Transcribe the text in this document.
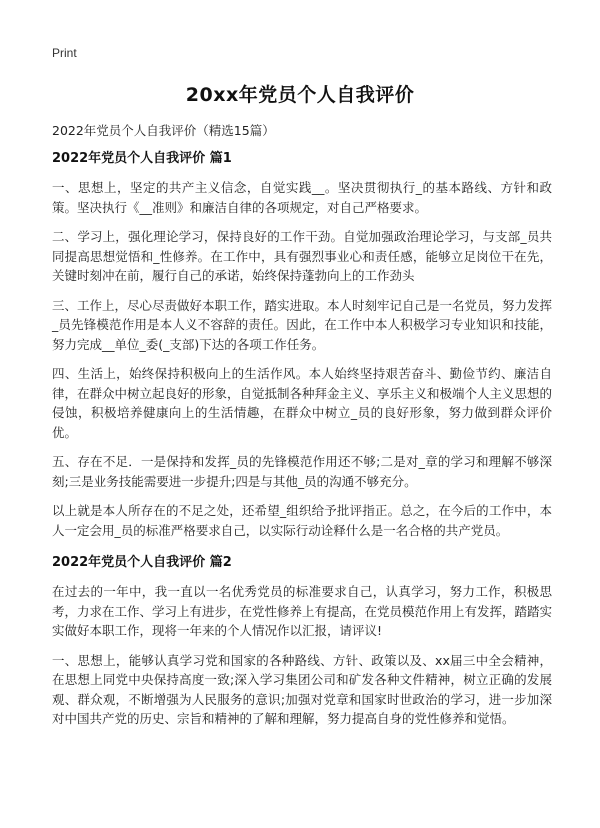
Print
20xx年党员个人自我评价
2022年党员个人自我评价（精选15篇）
2022年党员个人自我评价 篇1

一、思想上，坚定的共产主义信念，自觉实践__。坚决贯彻执行_的基本路线、方针和政策。坚决执行《__准则》和廉洁自律的各项规定，对自己严格要求。

二、学习上，强化理论学习，保持良好的工作干劲。自觉加强政治理论学习，与支部_员共同提高思想觉悟和_性修养。在工作中，具有强烈事业心和责任感，能够立足岗位干在先，关键时刻冲在前，履行自己的承诺，始终保持蓬勃向上的工作劲头

三、工作上，尽心尽责做好本职工作，踏实进取。本人时刻牢记自己是一名党员，努力发挥_员先锋模范作用是本人义不容辞的责任。因此，在工作中本人积极学习专业知识和技能，努力完成__单位_委(_支部)下达的各项工作任务。

四、生活上，始终保持积极向上的生活作风。本人始终坚持艰苦奋斗、勤俭节约、廉洁自律，在群众中树立起良好的形象，自觉抵制各种拜金主义、享乐主义和极端个人主义思想的侵蚀，积极培养健康向上的生活情趣，在群众中树立_员的良好形象，努力做到群众评价优。

五、存在不足．一是保持和发挥_员的先锋模范作用还不够;二是对_章的学习和理解不够深刻;三是业务技能需要进一步提升;四是与其他_员的沟通不够充分。

以上就是本人所存在的不足之处，还希望_组织给予批评指正。总之，在今后的工作中，本人一定会用_员的标准严格要求自己，以实际行动诠释什么是一名合格的共产党员。

2022年党员个人自我评价 篇2

在过去的一年中，我一直以一名优秀党员的标准要求自己，认真学习，努力工作，积极思考，力求在工作、学习上有进步，在党性修养上有提高，在党员模范作用上有发挥，踏踏实实做好本职工作，现将一年来的个人情况作以汇报，请评议!

一、思想上，能够认真学习党和国家的各种路线、方针、政策以及、xx届三中全会精神，在思想上同党中央保持高度一致;深入学习集团公司和矿发各种文件精神，树立正确的发展观、群众观，不断增强为人民服务的意识;加强对党章和国家时世政治的学习，进一步加深对中国共产党的历史、宗旨和精神的了解和理解，努力提高自身的党性修养和觉悟。
